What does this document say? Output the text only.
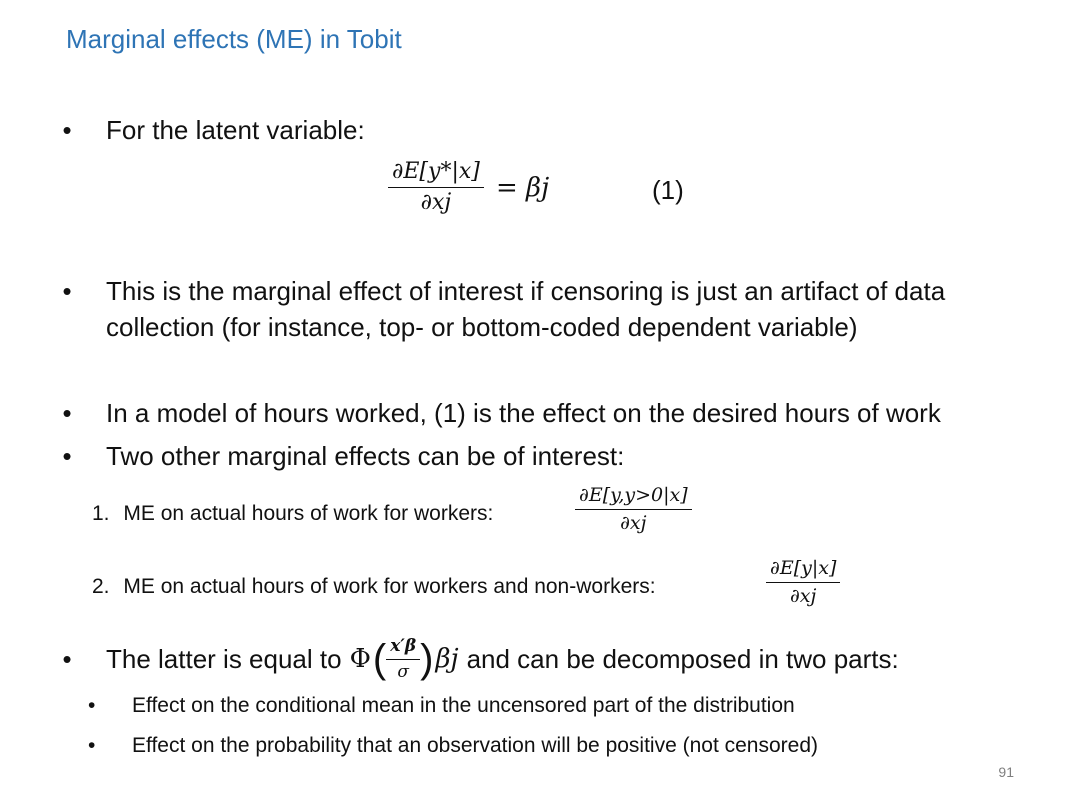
Marginal effects (ME) in Tobit
• For the latent variable:
$\frac{\partial E[y*|x]}{\partial xj} = \beta j$	(1)
• This is the marginal effect of interest if censoring is just an artifact of data
collection (for instance, top- or bottom-coded dependent variable)
• In a model of hours worked, (1) is the effect on the desired hours of work
• Two other marginal effects can be of interest:
1. ME on actual hours of work for workers:	$\frac{\partial E[y,y>0|x]}{\partial xj}$
2. ME on actual hours of work for workers and non-workers:	$\frac{\partial E[y|x]}{\partial xj}$
• The latter is equal to Φ ( $\frac{x'\beta}{\sigma}$ ) βj and can be decomposed in two parts:
• Effect on the conditional mean in the uncensored part of the distribution
• Effect on the probability that an observation will be positive (not censored)
91
